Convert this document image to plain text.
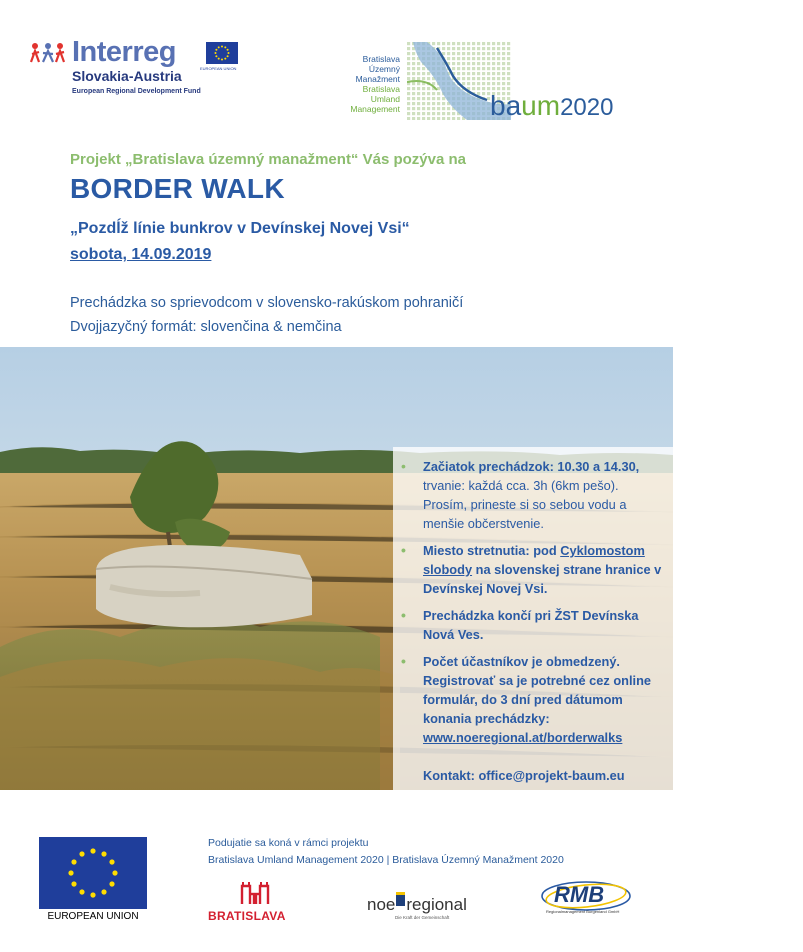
Interreg
EUROPEAN UNION
Slovakia-Austria
European Regional Development Fund
Bratislava
Územný
Manažment
Bratislava
Umland
Management	baum2020
Projekt „Bratislava územný manažment“ Vás pozýva na
BORDER WALK
„Pozdĺž línie bunkrov v Devínskej Novej Vsi“
sobota, 14.09.2019
Prechádzka so sprievodcom v slovensko-rakúskom pohraničí
Dvojjazyčný formát: slovenčina & nemčina
• Začiatok prechádzok: 10.30 a 14.30, trvanie: každá cca. 3h (6km pešo). Prosím, prineste si so sebou vodu a menšie občerstvenie.
• Miesto stretnutia: pod Cyklomostom slobody na slovenskej strane hranice v Devínskej Novej Vsi.
• Prechádzka končí pri ŽST Devínska Nová Ves.
• Počet účastníkov je obmedzený. Registrovať sa je potrebné cez online formulár, do 3 dní pred dátumom konania prechádzky: www.noeregional.at/borderwalks
Kontakt: office@projekt-baum.eu
EUROPEAN UNION
Podujatie sa koná v rámci projektu
Bratislava Umland Management 2020 | Bratislava Územný Manažment 2020
BRATISLAVA
noe regional
Die Kraft der Gemeinschaft
RMB
Regionalmanagement Burgenland GmbH
